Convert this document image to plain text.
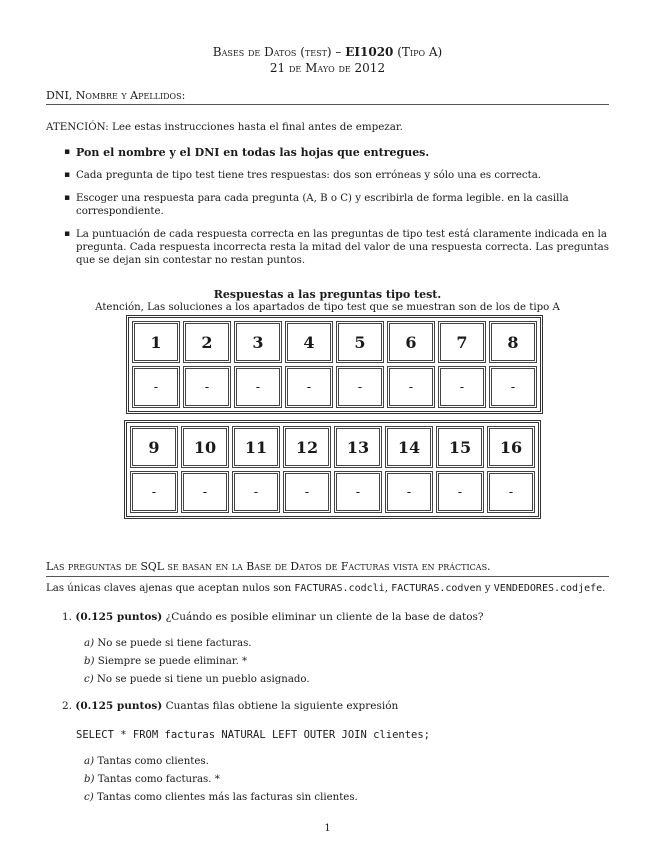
Bases de Datos (test) – EI1020 (Tipo A)
21 de Mayo de 2012
DNI, Nombre y Apellidos:
ATENCIÓN: Lee estas instrucciones hasta el final antes de empezar.
▪ Pon el nombre y el DNI en todas las hojas que entregues.
▪ Cada pregunta de tipo test tiene tres respuestas: dos son erróneas y sólo una es correcta.
▪ Escoger una respuesta para cada pregunta (A, B o C) y escribirla de forma legible. en la casilla correspondiente.
▪ La puntuación de cada respuesta correcta en las preguntas de tipo test está claramente indicada en la pregunta. Cada respuesta incorrecta resta la mitad del valor de una respuesta correcta. Las preguntas que se dejan sin contestar no restan puntos.
Respuestas a las preguntas tipo test.
Atención, Las soluciones a los apartados de tipo test que se muestran son de los de tipo A
1	2	3	4	5	6	7	8
-	-	-	-	-	-	-	-
9	10	11	12	13	14	15	16
-	-	-	-	-	-	-	-
Las preguntas de SQL se basan en la Base de Datos de Facturas vista en prácticas.
Las únicas claves ajenas que aceptan nulos son FACTURAS.codcli, FACTURAS.codven y VENDEDORES.codjefe.
1. (0.125 puntos) ¿Cuándo es posible eliminar un cliente de la base de datos?
a) No se puede si tiene facturas.
b) Siempre se puede eliminar. *
c) No se puede si tiene un pueblo asignado.
2. (0.125 puntos) Cuantas filas obtiene la siguiente expresión
SELECT * FROM facturas NATURAL LEFT OUTER JOIN clientes;
a) Tantas como clientes.
b) Tantas como facturas. *
c) Tantas como clientes más las facturas sin clientes.
1
